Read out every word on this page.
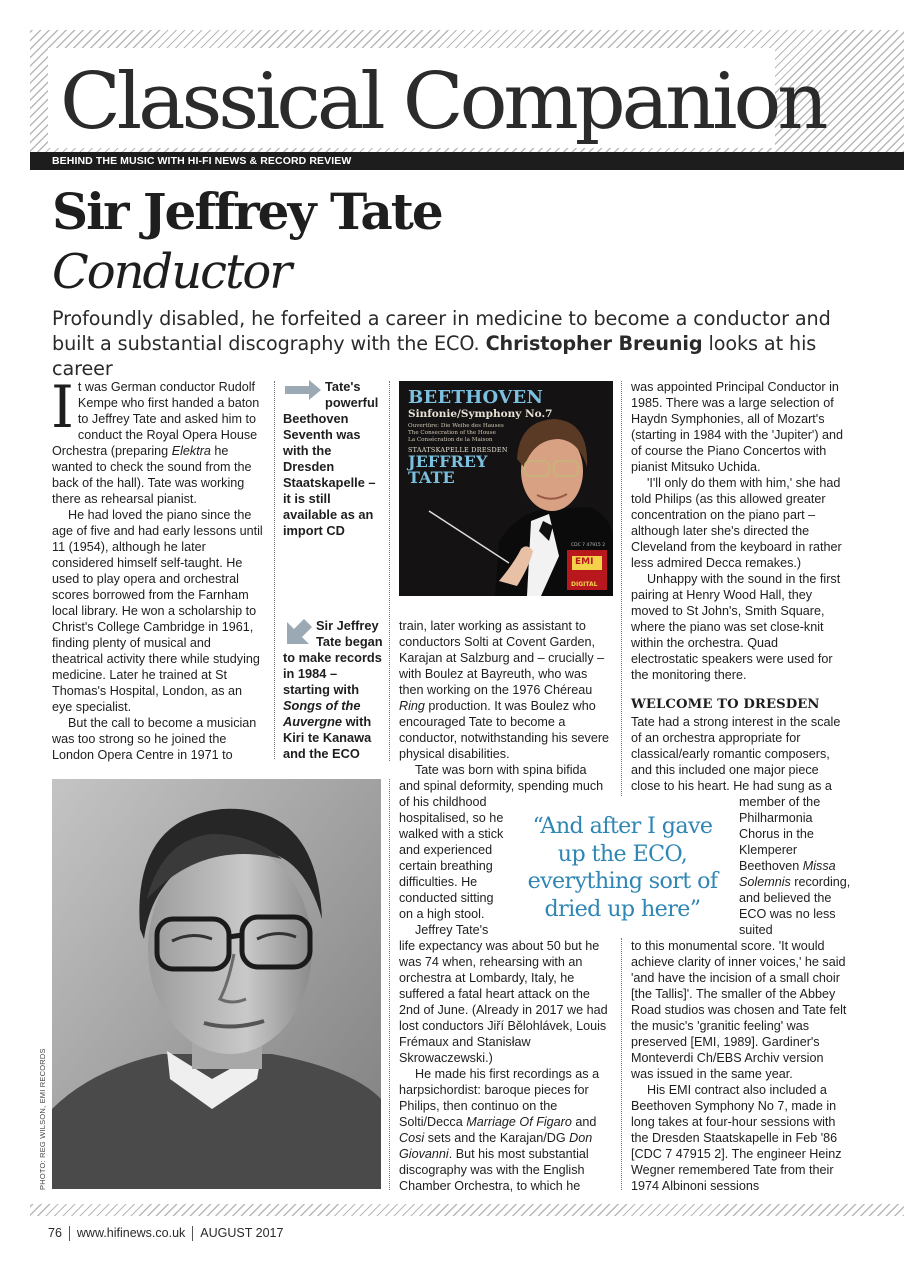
Classical Companion
BEHIND THE MUSIC WITH HI-FI NEWS & RECORD REVIEW
Sir Jeffrey Tate
Conductor
Profoundly disabled, he forfeited a career in medicine to become a conductor and built a substantial discography with the ECO. Christopher Breunig looks at his career

It was German conductor Rudolf Kempe who first handed a baton to Jeffrey Tate and asked him to conduct the Royal Opera House Orchestra (preparing Elektra he wanted to check the sound from the back of the hall). Tate was working there as rehearsal pianist.

He had loved the piano since the age of five and had early lessons until 11 (1954), although he later considered himself self-taught. He used to play opera and orchestral scores borrowed from the Farnham local library. He won a scholarship to Christ's College Cambridge in 1961, finding plenty of musical and theatrical activity there while studying medicine. Later he trained at St Thomas's Hospital, London, as an eye specialist.

But the call to become a musician was too strong so he joined the London Opera Centre in 1971 to

Tate's powerful Beethoven Seventh was with the Dresden Staatskapelle – it is still available as an import CD
Sir Jeffrey Tate began to make records in 1984 – starting with Songs of the Auvergne with Kiri te Kanawa and the ECO
BEETHOVEN
Sinfonie/Symphony No.7
Ouvertüre: Die Weihe des Hauses
The Consecration of the House
La Consécration de la Maison
STAATSKAPELLE DRESDEN
JEFFREY
TATE
CDC 7 47915 2
EMI
DIGITAL
PHOTO: REG WILSON, EMI RECORDS

train, later working as assistant to conductors Solti at Covent Garden, Karajan at Salzburg and – crucially – with Boulez at Bayreuth, who was then working on the 1976 Chéreau Ring production. It was Boulez who encouraged Tate to become a conductor, notwithstanding his severe physical disabilities.

Tate was born with spina bifida and spinal deformity, spending much of his childhood

hospitalised, so he walked with a stick and experienced certain breathing difficulties. He conducted sitting on a high stool.

Jeffrey Tate's

life expectancy was about 50 but he was 74 when, rehearsing with an orchestra at Lombardy, Italy, he suffered a fatal heart attack on the 2nd of June. (Already in 2017 we had lost conductors Jiří Bělohlávek, Louis Frémaux and Stanisław Skrowaczewski.)

He made his first recordings as a harpsichordist: baroque pieces for Philips, then continuo on the Solti/Decca Marriage Of Figaro and Cosi sets and the Karajan/DG Don Giovanni. But his most substantial discography was with the English Chamber Orchestra, to which he

“And after I gave up the ECO, everything sort of dried up here”

was appointed Principal Conductor in 1985. There was a large selection of Haydn Symphonies, all of Mozart's (starting in 1984 with the 'Jupiter') and of course the Piano Concertos with pianist Mitsuko Uchida.

'I'll only do them with him,' she had told Philips (as this allowed greater concentration on the piano part – although later she's directed the Cleveland from the keyboard in rather less admired Decca remakes.)

Unhappy with the sound in the first pairing at Henry Wood Hall, they moved to St John's, Smith Square, where the piano was set close-knit within the orchestra. Quad electrostatic speakers were used for the monitoring there.

WELCOME TO DRESDEN

Tate had a strong interest in the scale of an orchestra appropriate for classical/early romantic composers, and this included one major piece close to his heart. He had sung as a

member of the Philharmonia Chorus in the Klemperer Beethoven Missa Solemnis recording, and believed the ECO was no less suited

to this monumental score. 'It would achieve clarity of inner voices,' he said 'and have the incision of a small choir [the Tallis]'. The smaller of the Abbey Road studios was chosen and Tate felt the music's 'granitic feeling' was preserved [EMI, 1989]. Gardiner's Monteverdi Ch/EBS Archiv version was issued in the same year.

His EMI contract also included a Beethoven Symphony No 7, made in long takes at four-hour sessions with the Dresden Staatskapelle in Feb '86 [CDC 7 47915 2]. The engineer Heinz Wegner remembered Tate from their 1974 Albinoni sessions

76 www.hifinews.co.uk AUGUST 2017
